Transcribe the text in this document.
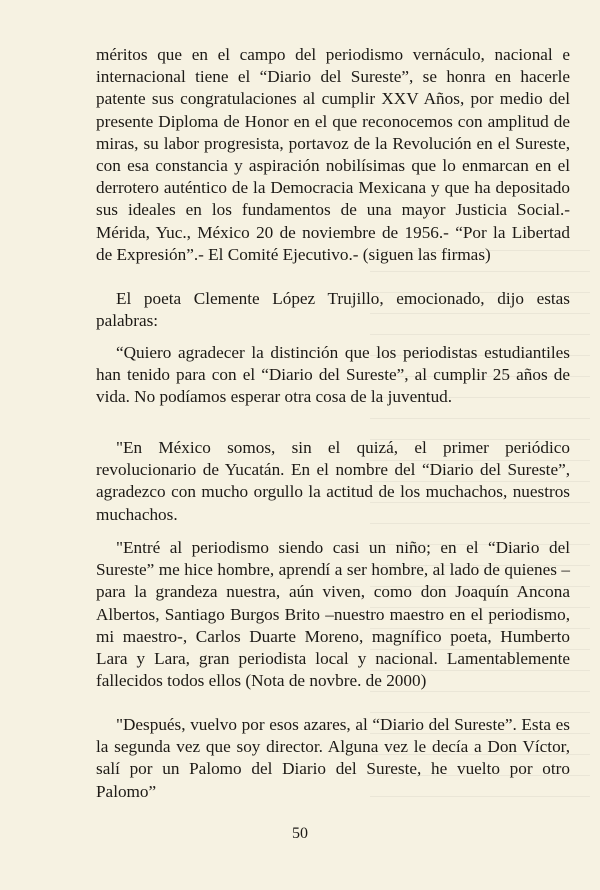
méritos que en el campo del periodismo vernáculo, nacional e internacional tiene el “Diario del Sureste”, se honra en hacerle patente sus congratulaciones al cumplir XXV Años, por medio del presente Diploma de Honor en el que reconocemos con amplitud de miras, su labor progresista, portavoz de la Revolución en el Sureste, con esa constancia y aspiración nobilísimas que lo enmarcan en el derrotero auténtico de la Democracia Mexicana y que ha depositado sus ideales en los fundamentos de una mayor Justicia Social.- Mérida, Yuc., México 20 de noviembre de 1956.- “Por la Libertad de Expresión”.- El Comité Ejecutivo.- (siguen las firmas)

El poeta Clemente López Trujillo, emocionado, dijo estas palabras:

“Quiero agradecer la distinción que los periodistas estudiantiles han tenido para con el “Diario del Sureste”, al cumplir 25 años de vida. No podíamos esperar otra cosa de la juventud.

"En México somos, sin el quizá, el primer periódico revolucionario de Yucatán. En el nombre del “Diario del Sureste”, agradezco con mucho orgullo la actitud de los muchachos, nuestros muchachos.

"Entré al periodismo siendo casi un niño; en el “Diario del Sureste” me hice hombre, aprendí a ser hombre, al lado de quienes –para la grandeza nuestra, aún viven, como don Joaquín Ancona Albertos, Santiago Burgos Brito –nuestro maestro en el periodismo, mi maestro-, Carlos Duarte Moreno, magnífico poeta, Humberto Lara y Lara, gran periodista local y nacional. Lamentablemente fallecidos todos ellos (Nota de novbre. de 2000)

"Después, vuelvo por esos azares, al “Diario del Sureste”. Esta es la segunda vez que soy director. Alguna vez le decía a Don Víctor, salí por un Palomo del Diario del Sureste, he vuelto por otro Palomo”

50
